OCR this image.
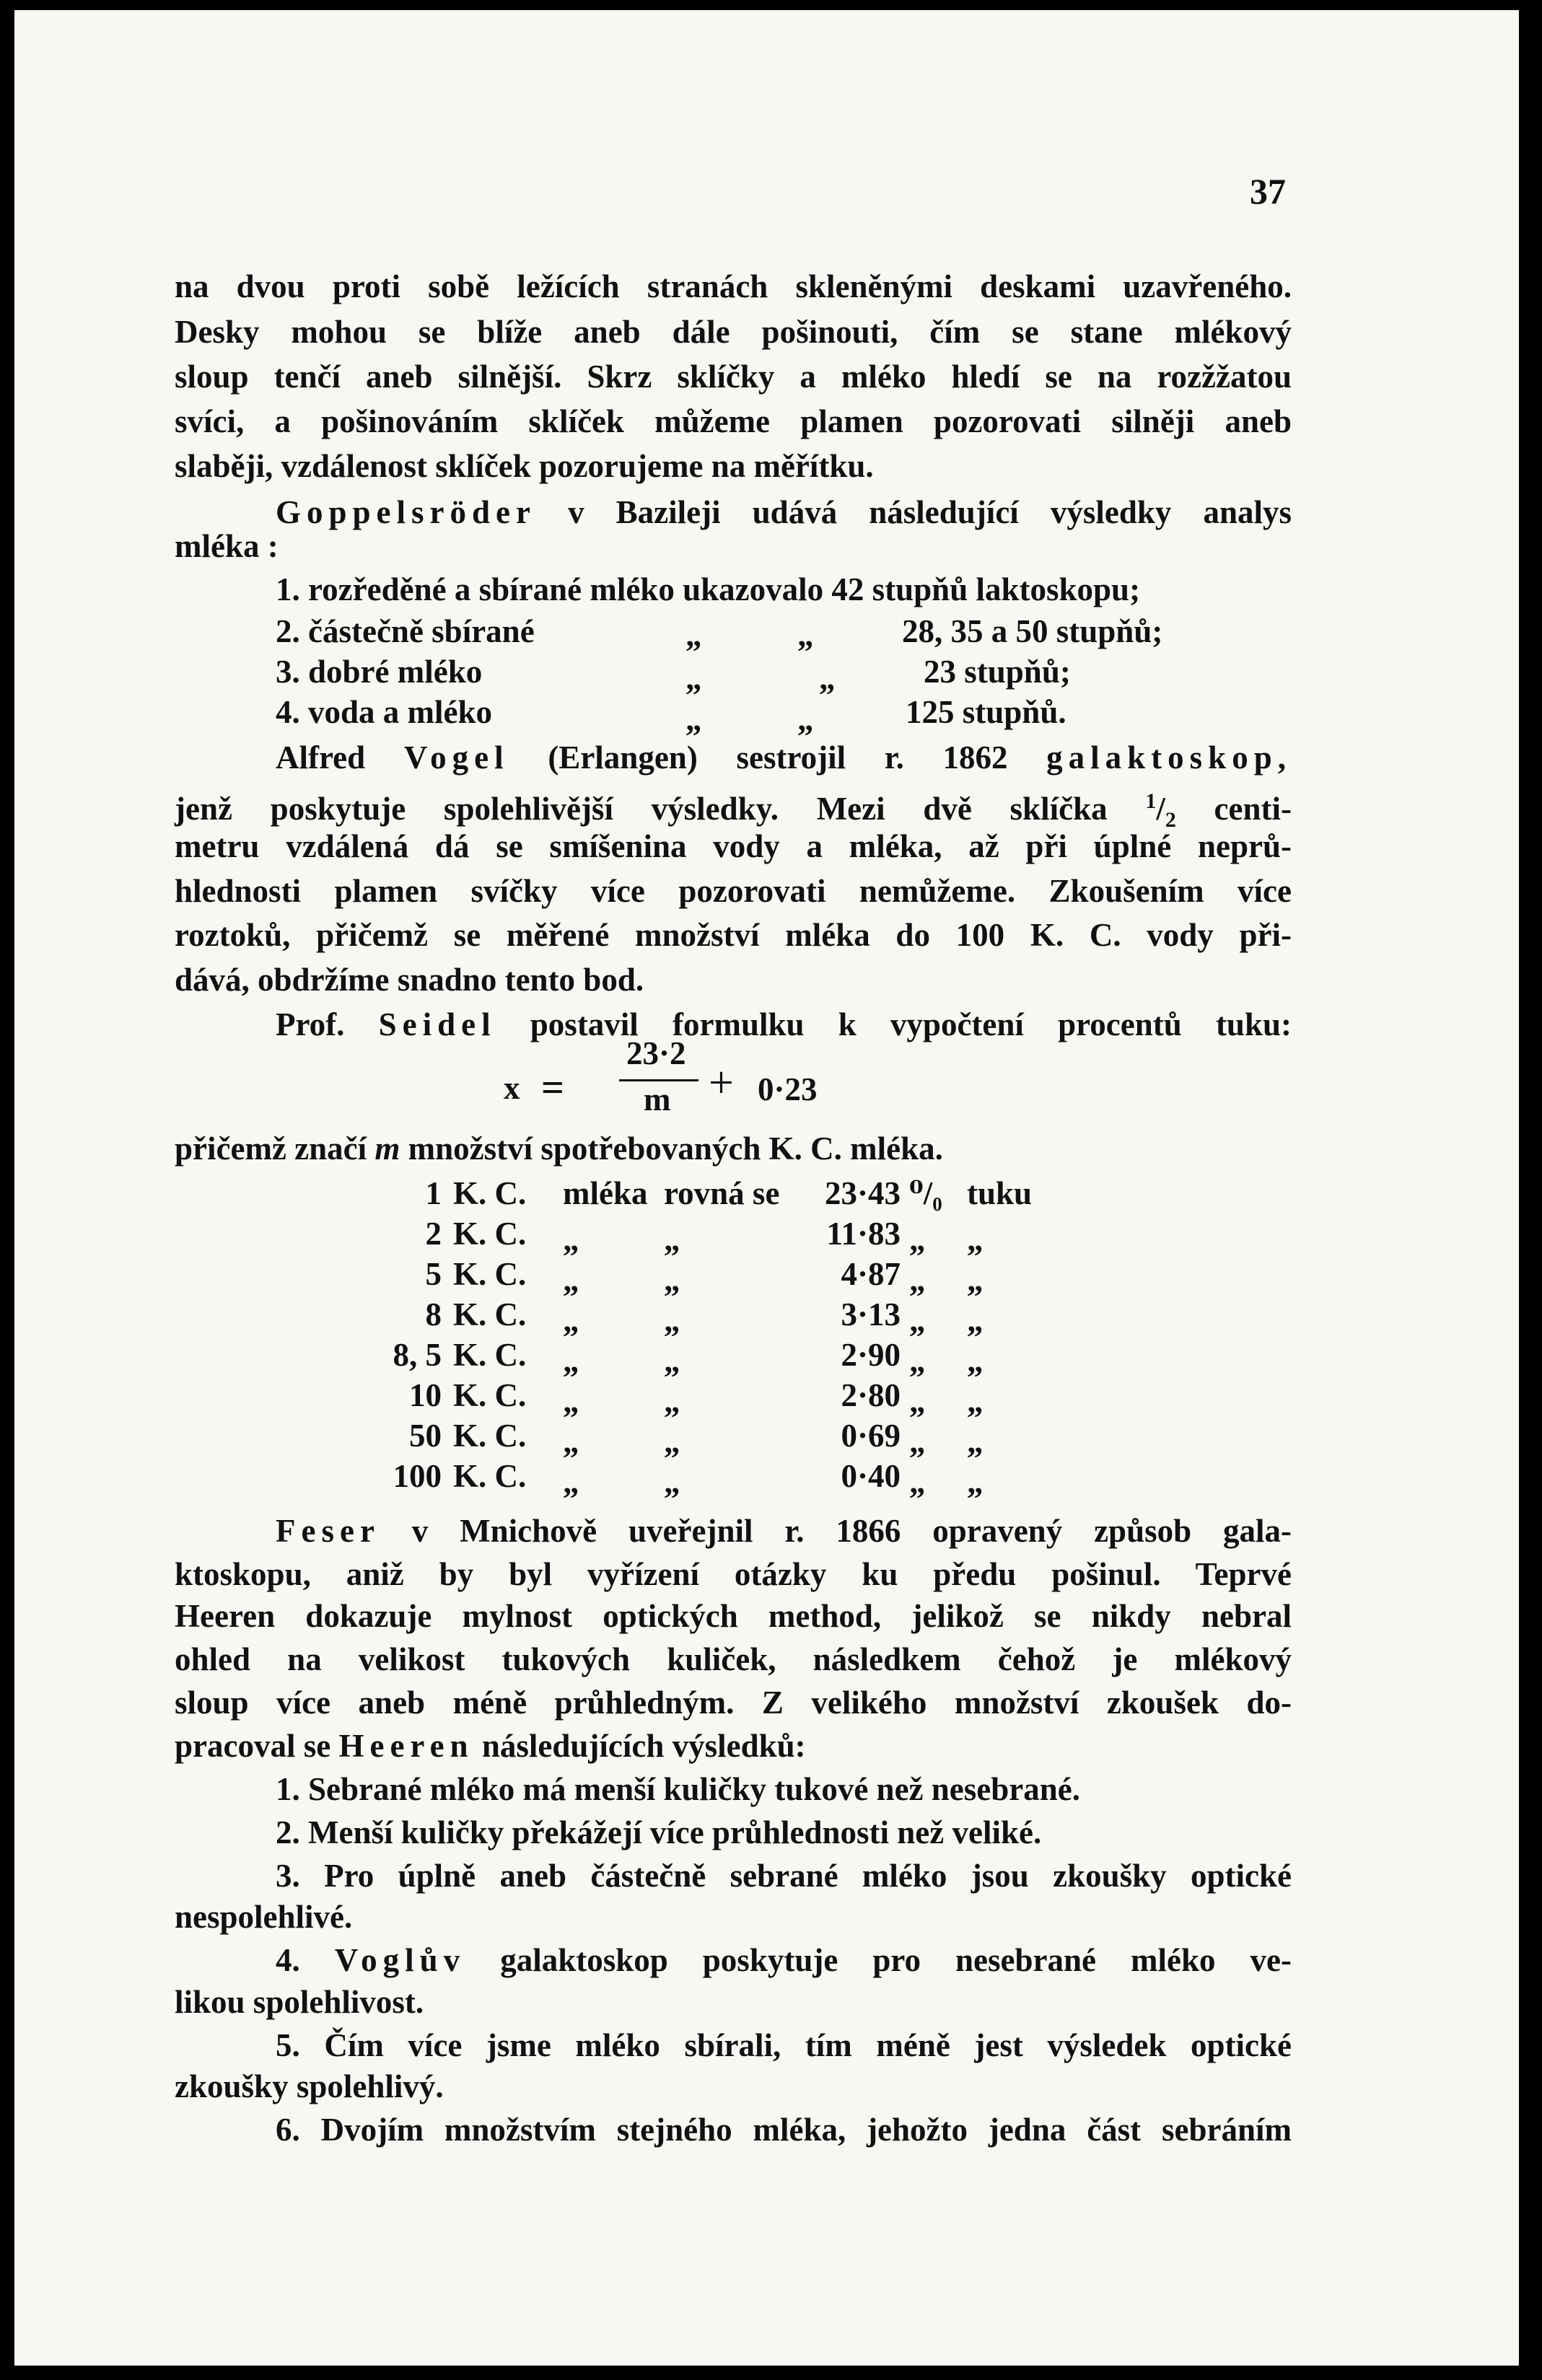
37
na dvou proti sobě ležících stranách skleněnými deskami uzavřeného.
Desky mohou se blíže aneb dále pošinouti, čím se stane mlékový
sloup tenčí aneb silnější. Skrz sklíčky a mléko hledí se na rozžžatou
svíci, a pošinováním sklíček můžeme plamen pozorovati silněji aneb
slaběji, vzdálenost sklíček pozorujeme na měřítku.
Goppelsröder v Bazileji udává následující výsledky analys
mléka :
1. rozředěné a sbírané mléko ukazovalo 42 stupňů laktoskopu;
2. částečně sbírané	„	„	28, 35 a 50 stupňů;
3. dobré mléko	„	„	23 stupňů;
4. voda a mléko	„	„	125 stupňů.
Alfred Vogel (Erlangen) sestrojil r. 1862 galaktoskop,
jenž poskytuje spolehlivější výsledky. Mezi dvě sklíčka $^1/_2$ centi-
metru vzdálená dá se smíšenina vody a mléka, až při úplné neprů-
hlednosti plamen svíčky více pozorovati nemůžeme. Zkoušením více
roztoků, přičemž se měřené množství mléka do 100 K. C. vody při-
dává, obdržíme snadno tento bod.
Prof. Seidel postavil formulku k vypočtení procentů tuku:
x =
23·2
m + 0·23
přičemž značí m množství spotřebovaných K. C. mléka.
1 K. C. mléka rovná se 23·43 ⁰/₀ tuku
2 K. C. „	„	11·83 „ „
5 K. C. „	„	4·87 „ „
8 K. C. „	„	3·13 „ „
8, 5 K. C. „	„	2·90 „ „
10 K. C. „	„	2·80 „ „
50 K. C. „	„	0·69 „ „
100 K. C. „	„	0·40 „ „
Feser v Mnichově uveřejnil r. 1866 opravený způsob gala-
ktoskopu, aniž by byl vyřízení otázky ku předu pošinul. Teprvé
Heeren dokazuje mylnost optických method, jelikož se nikdy nebral
ohled na velikost tukových kuliček, následkem čehož je mlékový
sloup více aneb méně průhledným. Z velikého množství zkoušek do-
pracoval se Heeren následujících výsledků:
1. Sebrané mléko má menší kuličky tukové než nesebrané.
2. Menší kuličky překážejí více průhlednosti než veliké.
3. Pro úplně aneb částečně sebrané mléko jsou zkoušky optické
nespolehlivé.
4. Voglův galaktoskop poskytuje pro nesebrané mléko ve-
likou spolehlivost.
5. Čím více jsme mléko sbírali, tím méně jest výsledek optické
zkoušky spolehlivý.
6. Dvojím množstvím stejného mléka, jehožto jedna část sebráním
